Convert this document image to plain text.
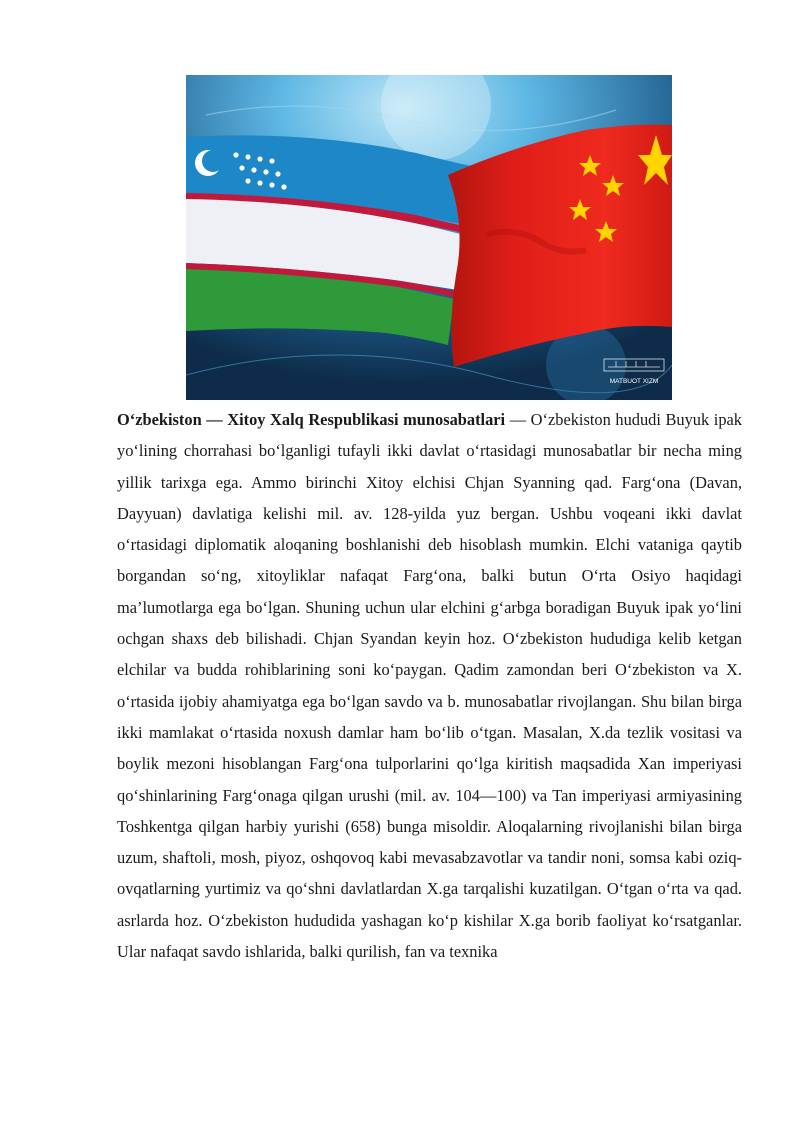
MATBUOT XIZM

O‘zbekiston — Xitoy Xalq Respublikasi munosabatlari — O‘zbekiston hududi Buyuk ipak yo‘lining chorrahasi bo‘lganligi tufayli ikki davlat o‘rtasidagi munosabatlar bir necha ming yillik tarixga ega. Ammo birinchi Xitoy elchisi Chjan Syanning qad. Farg‘ona (Davan, Dayyuan) davlatiga kelishi mil. av. 128-yilda yuz bergan. Ushbu voqeani ikki davlat o‘rtasidagi diplomatik aloqaning boshlanishi deb hisoblash mumkin. Elchi vataniga qaytib borgandan so‘ng, xitoyliklar nafaqat Farg‘ona, balki butun O‘rta Osiyo haqidagi ma’lumotlarga ega bo‘lgan. Shuning uchun ular elchini g‘arbga boradigan Buyuk ipak yo‘lini ochgan shaxs deb bilishadi. Chjan Syandan keyin hoz. O‘zbekiston hududiga kelib ketgan elchilar va budda rohiblarining soni ko‘paygan. Qadim zamondan beri O‘zbekiston va X. o‘rtasida ijobiy ahamiyatga ega bo‘lgan savdo va b. munosabatlar rivojlangan. Shu bilan birga ikki mamlakat o‘rtasida noxush damlar ham bo‘lib o‘tgan. Masalan, X.da tezlik vositasi va boylik mezoni hisoblangan Farg‘ona tulporlarini qo‘lga kiritish maqsadida Xan imperiyasi qo‘shinlarining Farg‘onaga qilgan urushi (mil. av. 104—100) va Tan imperiyasi armiyasining Toshkentga qilgan harbiy yurishi (658) bunga misoldir. Aloqalarning rivojlanishi bilan birga uzum, shaftoli, mosh, piyoz, oshqovoq kabi mevasabzavotlar va tandir noni, somsa kabi oziq-ovqatlarning yurtimiz va qo‘shni davlatlardan X.ga tarqalishi kuzatilgan. O‘tgan o‘rta va qad. asrlarda hoz. O‘zbekiston hududida yashagan ko‘p kishilar X.ga borib faoliyat ko‘rsatganlar. Ular nafaqat savdo ishlarida, balki qurilish, fan va texnika
